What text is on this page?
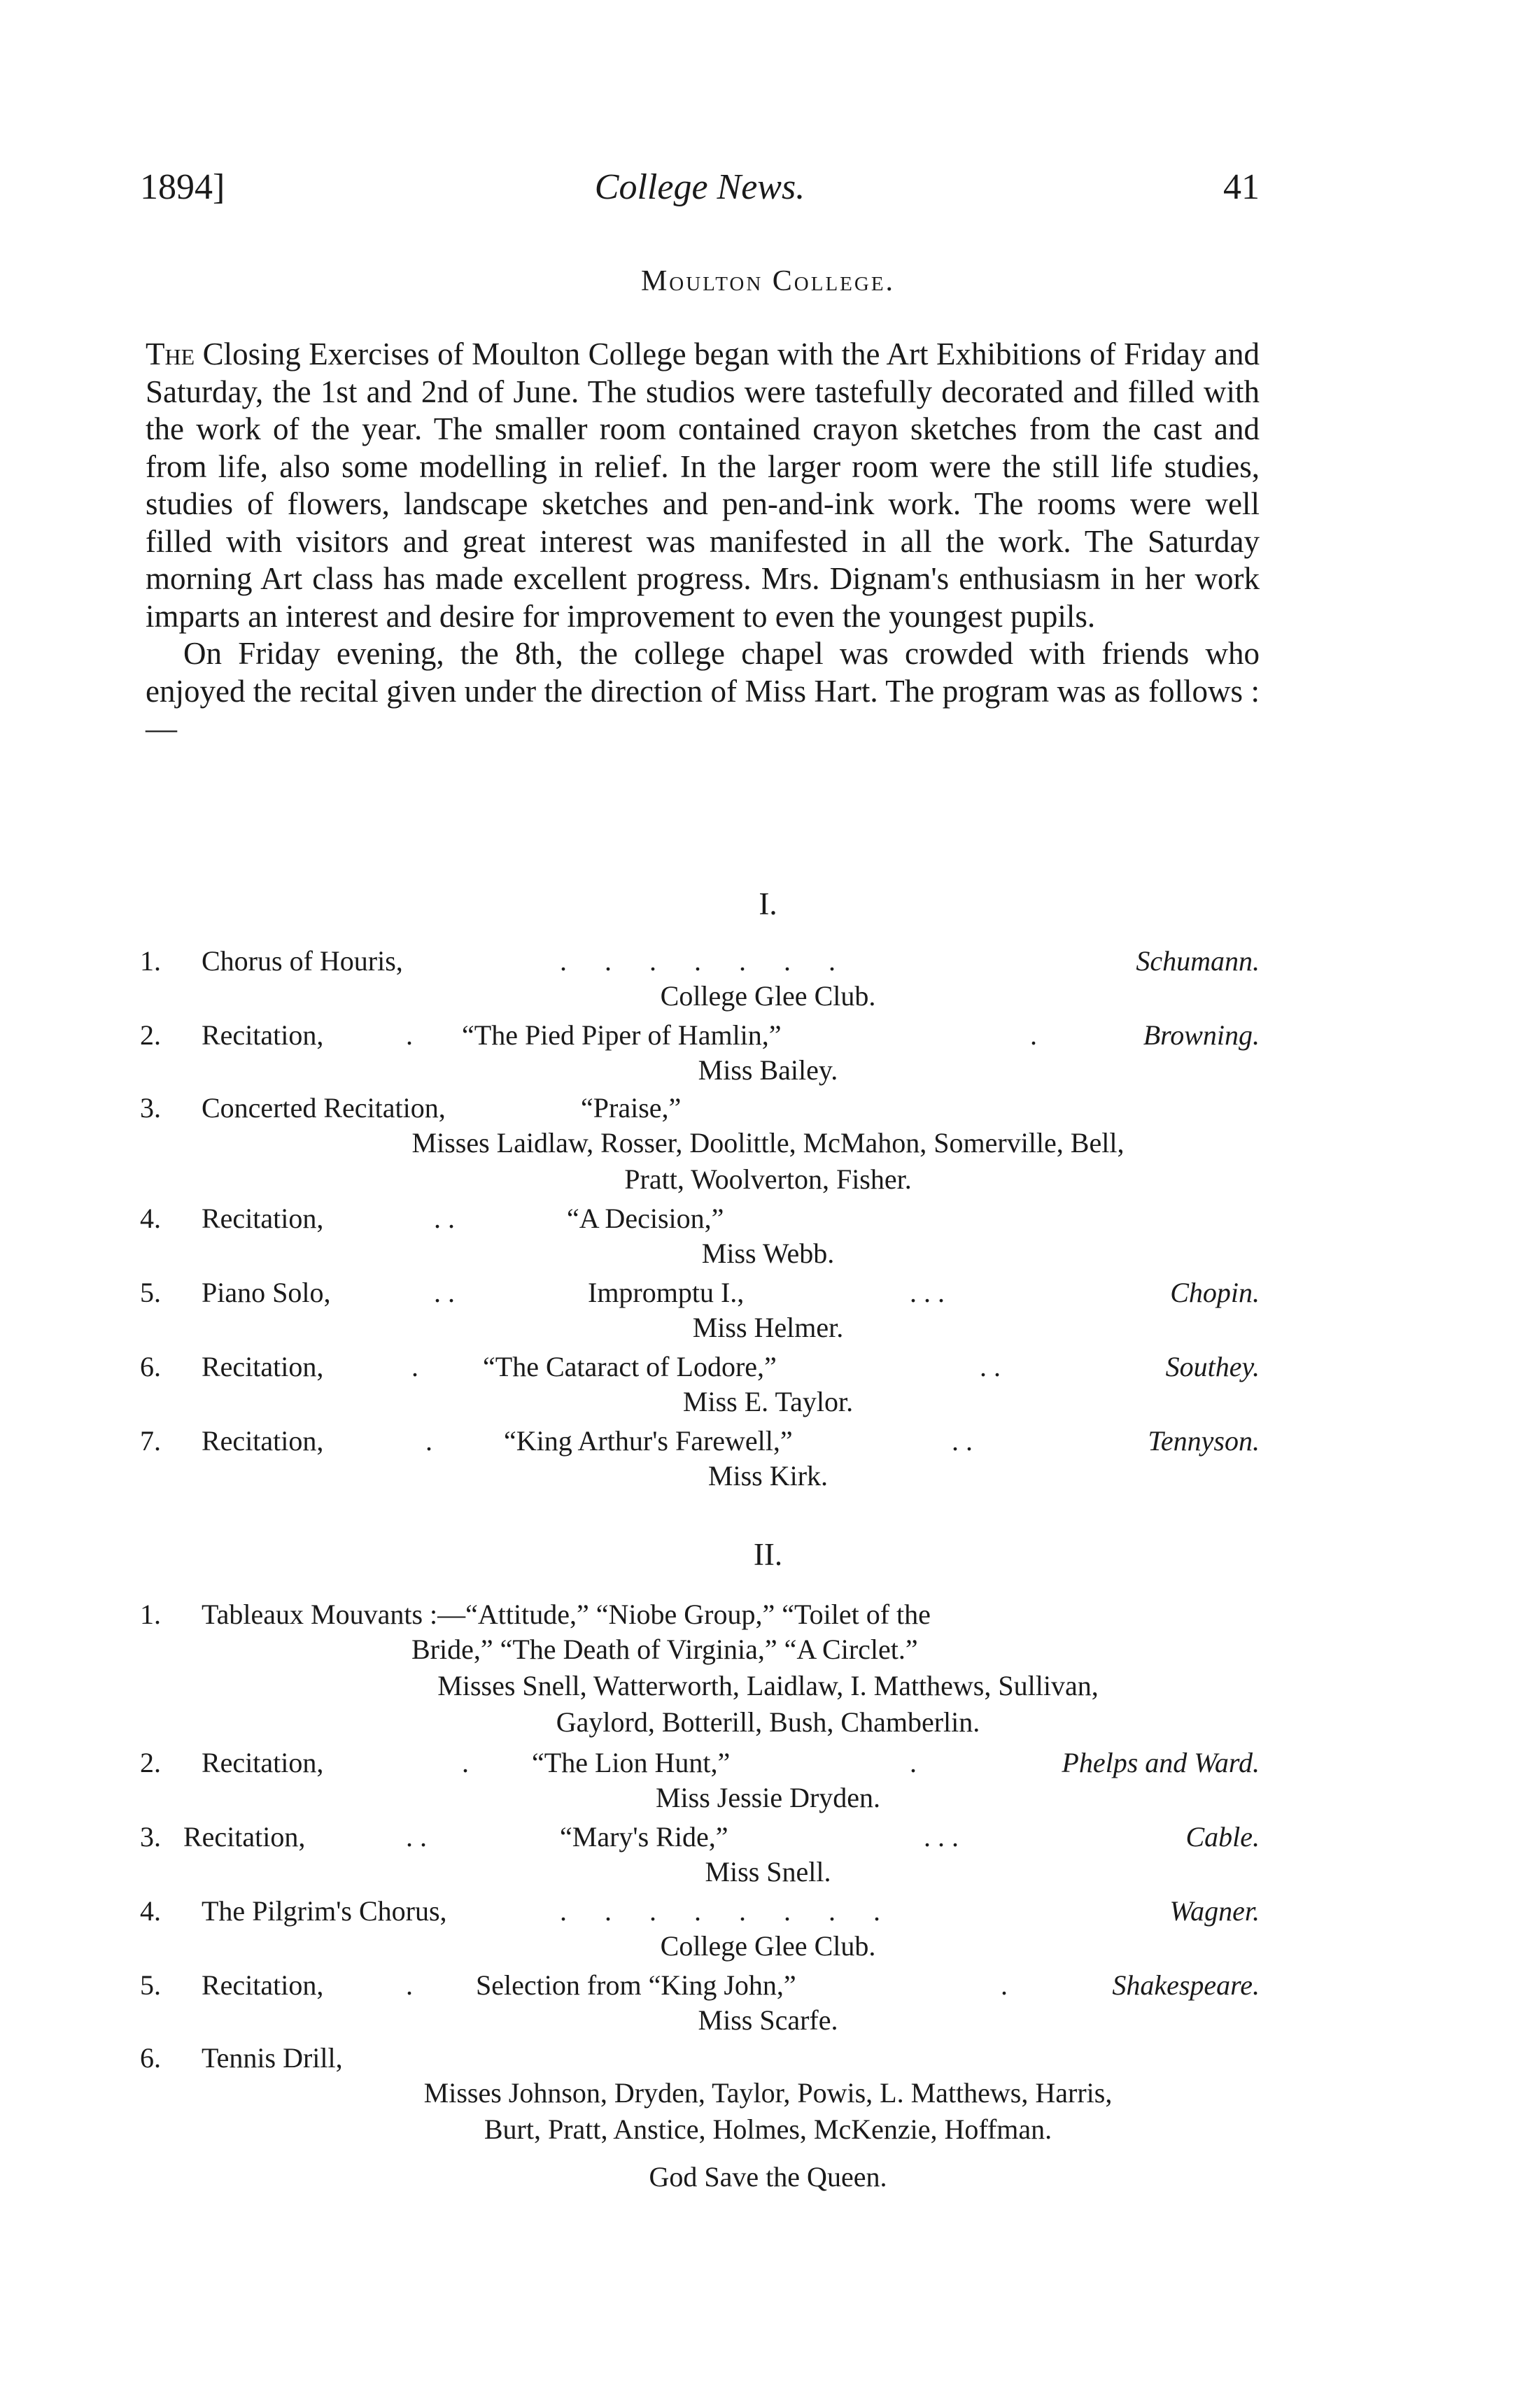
College News.
1894]	41
Moulton College.

The Closing Exercises of Moulton College began with the Art Exhibitions of Friday and Saturday, the 1st and 2nd of June. The studios were tastefully decorated and filled with the work of the year. The smaller room contained crayon sketches from the cast and from life, also some modelling in relief. In the larger room were the still life studies, studies of flowers, landscape sketches and pen-and-ink work. The rooms were well filled with visitors and great interest was manifested in all the work. The Saturday morning Art class has made excellent progress. Mrs. Dignam's enthusiasm in her work imparts an interest and desire for improvement to even the youngest pupils.

On Friday evening, the 8th, the college chapel was crowded with friends who enjoyed the recital given under the direction of Miss Hart. The program was as follows :—

I.
1. Chorus of Houris,	. . . . . . .	Schumann.
College Glee Club.
2. Recitation,	. “The Pied Piper of Hamlin,”	.	Browning.
Miss Bailey.
3. Concerted Recitation,	“Praise,”
Misses Laidlaw, Rosser, Doolittle, McMahon, Somerville, Bell,
Pratt, Woolverton, Fisher.
4. Recitation,	. .	“A Decision,”
Miss Webb.
5. Piano Solo,	. .	Impromptu I.,	. . .	Chopin.
Miss Helmer.
6. Recitation,	. “The Cataract of Lodore,”	. .	Southey.
Miss E. Taylor.
7. Recitation,	.	“King Arthur's Farewell,”	. .	Tennyson.
Miss Kirk.
II.
1. Tableaux Mouvants :—“Attitude,” “Niobe Group,” “Toilet of the
Bride,” “The Death of Virginia,” “A Circlet.”
Misses Snell, Watterworth, Laidlaw, I. Matthews, Sullivan,
Gaylord, Botterill, Bush, Chamberlin.
2. Recitation,	. “The Lion Hunt,”	.	Phelps and Ward.
Miss Jessie Dryden.
3. Recitation,	. .	“Mary's Ride,”	. . .	Cable.
Miss Snell.
4. The Pilgrim's Chorus,	. . . . . . . .	Wagner.
College Glee Club.
5. Recitation,	. Selection from “King John,”	.	Shakespeare.
Miss Scarfe.
6. Tennis Drill,
Misses Johnson, Dryden, Taylor, Powis, L. Matthews, Harris,
Burt, Pratt, Anstice, Holmes, McKenzie, Hoffman.
God Save the Queen.
